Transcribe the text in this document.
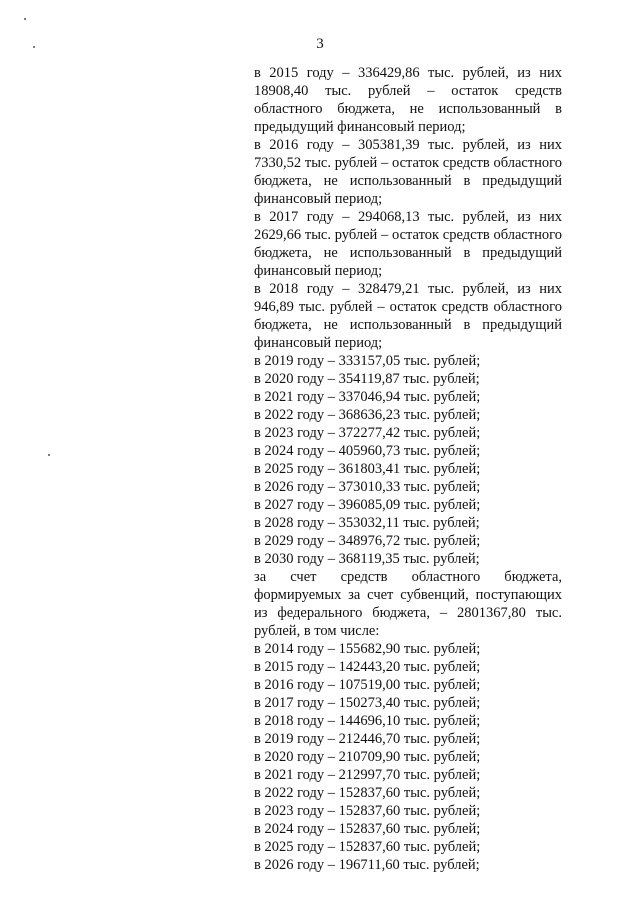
3

в 2015 году – 336429,86 тыс. рублей, из них 18908,40 тыс. рублей – остаток средств областного бюджета, не использованный в предыдущий финансовый период;

в 2016 году – 305381,39 тыс. рублей, из них 7330,52 тыс. рублей – остаток средств областного бюджета, не использованный в предыдущий финансовый период;

в 2017 году – 294068,13 тыс. рублей, из них 2629,66 тыс. рублей – остаток средств областного бюджета, не использованный в предыдущий финансовый период;

в 2018 году – 328479,21 тыс. рублей, из них 946,89 тыс. рублей – остаток средств областного бюджета, не использованный в предыдущий финансовый период;

в 2019 году – 333157,05 тыс. рублей;
в 2020 году – 354119,87 тыс. рублей;
в 2021 году – 337046,94 тыс. рублей;
в 2022 году – 368636,23 тыс. рублей;
в 2023 году – 372277,42 тыс. рублей;
в 2024 году – 405960,73 тыс. рублей;
в 2025 году – 361803,41 тыс. рублей;
в 2026 году – 373010,33 тыс. рублей;
в 2027 году – 396085,09 тыс. рублей;
в 2028 году – 353032,11 тыс. рублей;
в 2029 году – 348976,72 тыс. рублей;
в 2030 году – 368119,35 тыс. рублей;

за счет средств областного бюджета, формируемых за счет субвенций, поступающих из федерального бюджета, – 2801367,80 тыс. рублей, в том числе:

в 2014 году – 155682,90 тыс. рублей;
в 2015 году – 142443,20 тыс. рублей;
в 2016 году – 107519,00 тыс. рублей;
в 2017 году – 150273,40 тыс. рублей;
в 2018 году – 144696,10 тыс. рублей;
в 2019 году – 212446,70 тыс. рублей;
в 2020 году – 210709,90 тыс. рублей;
в 2021 году – 212997,70 тыс. рублей;
в 2022 году – 152837,60 тыс. рублей;
в 2023 году – 152837,60 тыс. рублей;
в 2024 году – 152837,60 тыс. рублей;
в 2025 году – 152837,60 тыс. рублей;
в 2026 году – 196711,60 тыс. рублей;
